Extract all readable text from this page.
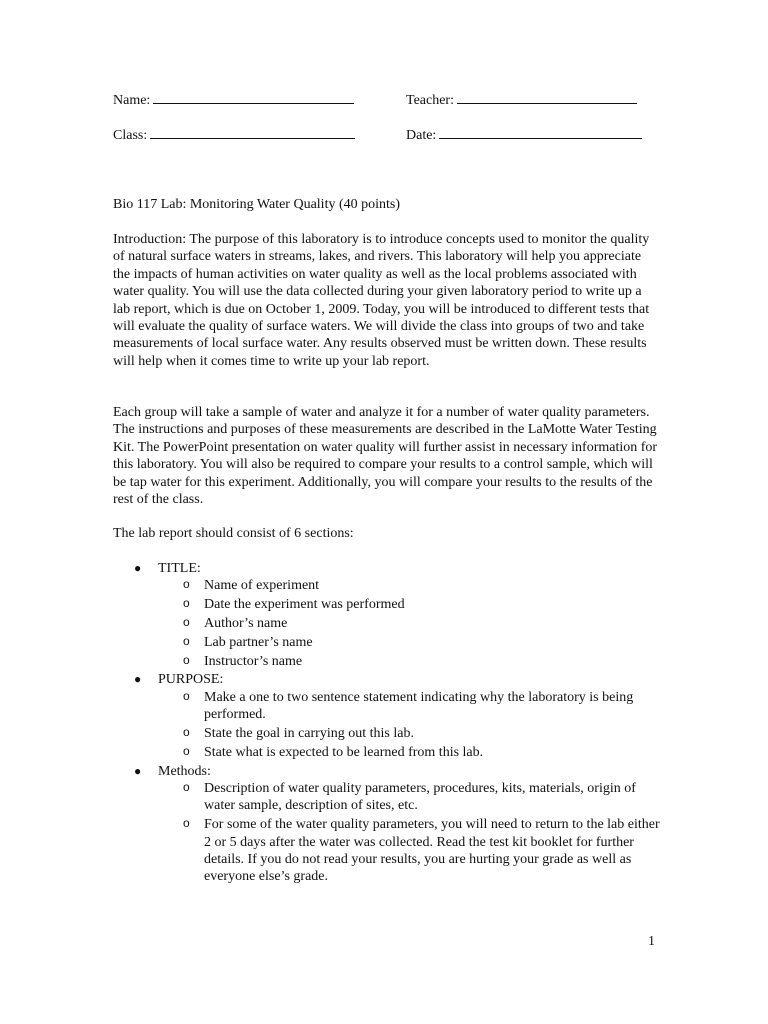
Name:	Teacher:
Class:	Date:

Bio 117 Lab: Monitoring Water Quality (40 points)

Introduction: The purpose of this laboratory is to introduce concepts used to monitor the quality of natural surface waters in streams, lakes, and rivers. This laboratory will help you appreciate the impacts of human activities on water quality as well as the local problems associated with water quality. You will use the data collected during your given laboratory period to write up a lab report, which is due on October 1, 2009. Today, you will be introduced to different tests that will evaluate the quality of surface waters. We will divide the class into groups of two and take measurements of local surface water. Any results observed must be written down. These results will help when it comes time to write up your lab report.

Each group will take a sample of water and analyze it for a number of water quality parameters. The instructions and purposes of these measurements are described in the LaMotte Water Testing Kit. The PowerPoint presentation on water quality will further assist in necessary information for this laboratory. You will also be required to compare your results to a control sample, which will be tap water for this experiment. Additionally, you will compare your results to the results of the rest of the class.

The lab report should consist of 6 sections:

● TITLE:
o Name of experiment
o Date the experiment was performed
o Author’s name
o Lab partner’s name
o Instructor’s name
● PURPOSE:
o Make a one to two sentence statement indicating why the laboratory is being performed.
o State the goal in carrying out this lab.
o State what is expected to be learned from this lab.
● Methods:
o Description of water quality parameters, procedures, kits, materials, origin of water sample, description of sites, etc.
o For some of the water quality parameters, you will need to return to the lab either 2 or 5 days after the water was collected. Read the test kit booklet for further details. If you do not read your results, you are hurting your grade as well as everyone else’s grade.
1
